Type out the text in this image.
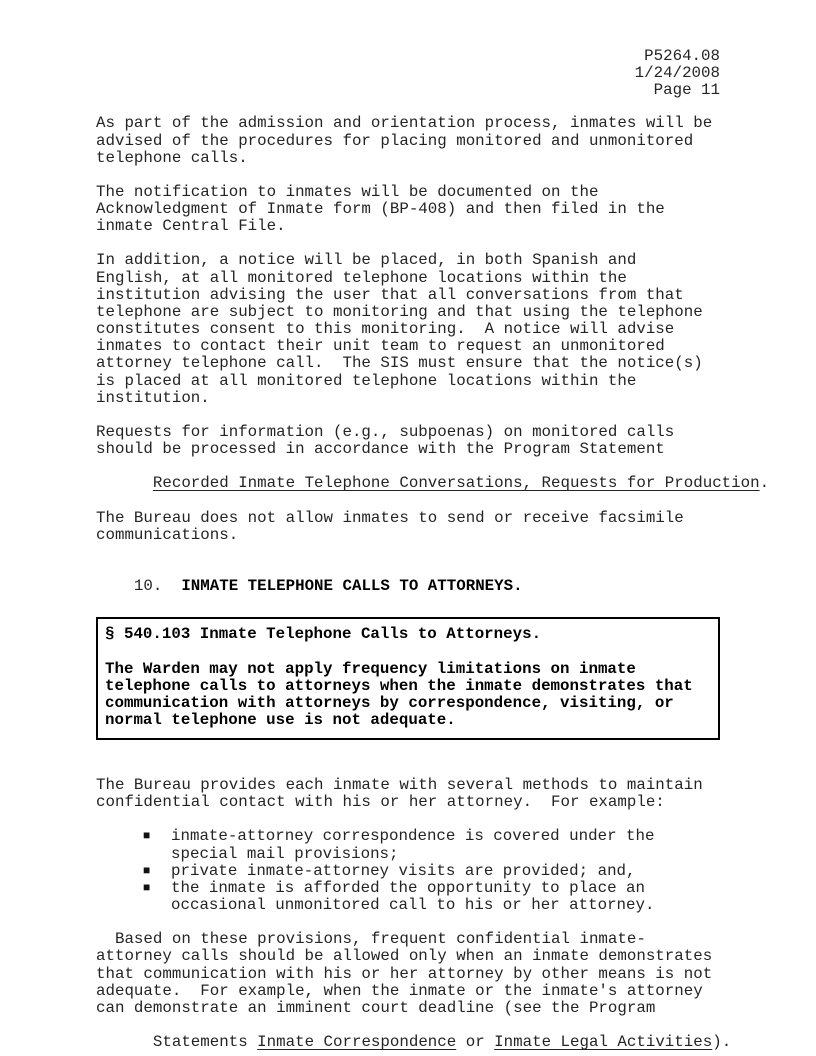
P5264.08
1/24/2008
Page 11
As part of the admission and orientation process, inmates will be
advised of the procedures for placing monitored and unmonitored
telephone calls.
The notification to inmates will be documented on the
Acknowledgment of Inmate form (BP-408) and then filed in the
inmate Central File.
In addition, a notice will be placed, in both Spanish and
English, at all monitored telephone locations within the
institution advising the user that all conversations from that
telephone are subject to monitoring and that using the telephone
constitutes consent to this monitoring.  A notice will advise
inmates to contact their unit team to request an unmonitored
attorney telephone call.  The SIS must ensure that the notice(s)
is placed at all monitored telephone locations within the
institution.
Requests for information (e.g., subpoenas) on monitored calls
should be processed in accordance with the Program Statement

Recorded Inmate Telephone Conversations, Requests for Production.

The Bureau does not allow inmates to send or receive facsimile
communications.

10.  INMATE TELEPHONE CALLS TO ATTORNEYS.

§ 540.103 Inmate Telephone Calls to Attorneys.
The Warden may not apply frequency limitations on inmate
telephone calls to attorneys when the inmate demonstrates that
communication with attorneys by correspondence, visiting, or
normal telephone use is not adequate.
The Bureau provides each inmate with several methods to maintain
confidential contact with his or her attorney.  For example:
■	inmate-attorney correspondence is covered under the
special mail provisions;
■	private inmate-attorney visits are provided; and,
■	the inmate is afforded the opportunity to place an
occasional unmonitored call to his or her attorney.
Based on these provisions, frequent confidential inmate-
attorney calls should be allowed only when an inmate demonstrates
that communication with his or her attorney by other means is not
adequate.  For example, when the inmate or the inmate's attorney
can demonstrate an imminent court deadline (see the Program

Statements Inmate Correspondence or Inmate Legal Activities).
